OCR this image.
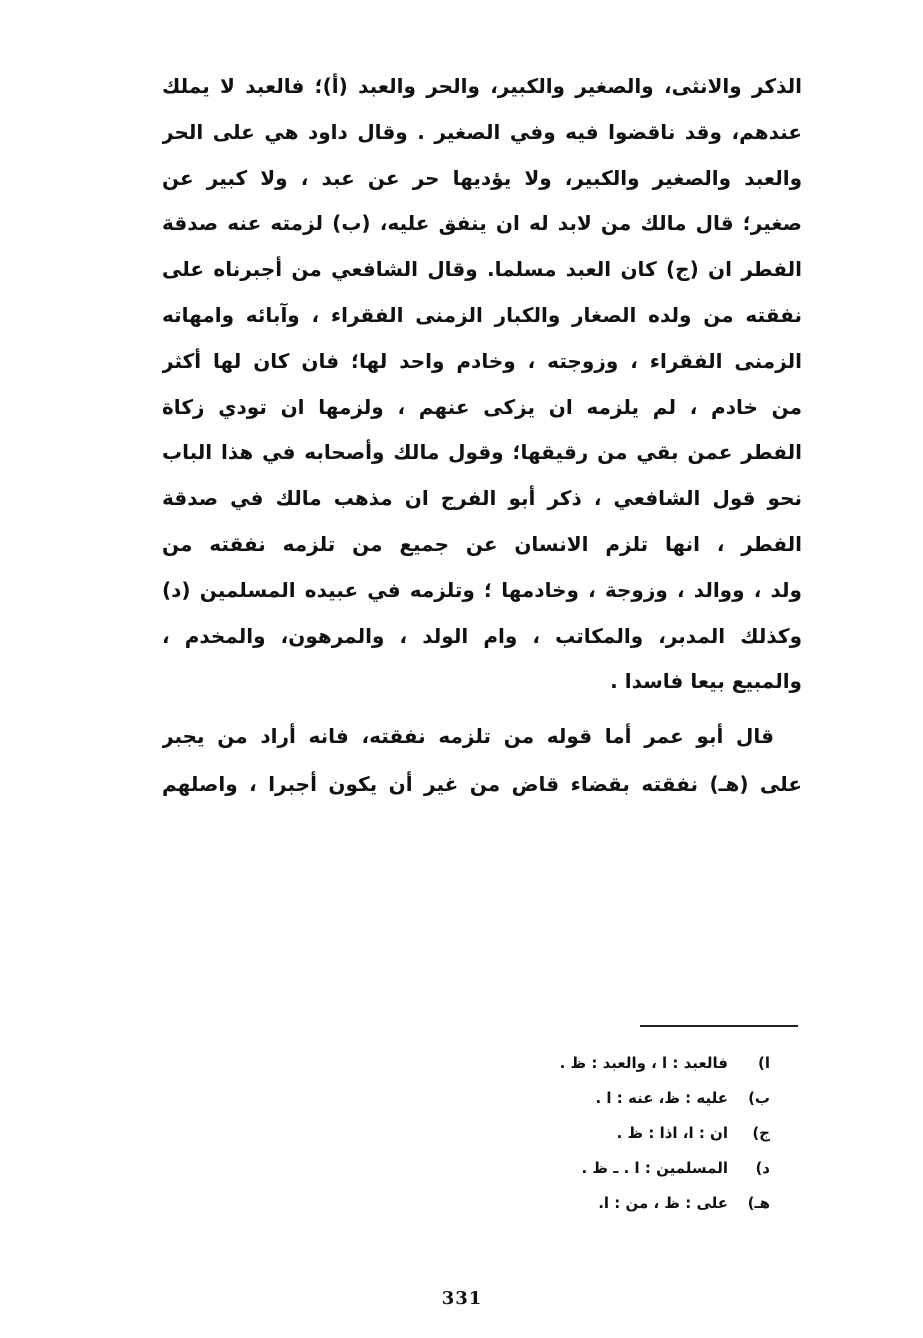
الذكر والانثى، والصغير والكبير، والحر والعبد (أ)؛ فالعبد لا يملك
عندهم، وقد ناقضوا فيه وفي الصغير . وقال داود هي على الحر
والعبد والصغير والكبير، ولا يؤديها حر عن عبد ، ولا كبير عن
صغير؛ قال مالك من لابد له ان ينفق عليه، (ب) لزمته عنه صدقة
الفطر ان (ج) كان العبد مسلما. وقال الشافعي من أجبرناه على
نفقته من ولده الصغار والكبار الزمنى الفقراء ، وآبائه وامهاته
الزمنى الفقراء ، وزوجته ، وخادم واحد لها؛ فان كان لها أكثر
من خادم ، لم يلزمه ان يزكى عنهم ، ولزمها ان تودي زكاة
الفطر عمن بقي من رقيقها؛ وقول مالك وأصحابه في هذا الباب
نحو قول الشافعي ، ذكر أبو الفرج ان مذهب مالك في صدقة
الفطر ، انها تلزم الانسان عن جميع من تلزمه نفقته من
ولد ، ووالد ، وزوجة ، وخادمها ؛ وتلزمه في عبيده المسلمين (د)
وكذلك المدبر، والمكاتب ، وام الولد ، والمرهون، والمخدم ،
والمبيع بيعا فاسدا .
قال أبو عمر أما قوله من تلزمه نفقته، فانه أراد من يجبر
على (هـ) نفقته بقضاء قاض من غير أن يكون أجبرا ، واصلهم
ا)
فالعبد : ا ، والعبد : ظ .
ب)
عليه : ظ، عنه : ا .
ج)
ان : ا، اذا : ظ .
د)
المسلمين : ا . ـ ظ .
هـ)
على : ظ ، من : ا.
331
